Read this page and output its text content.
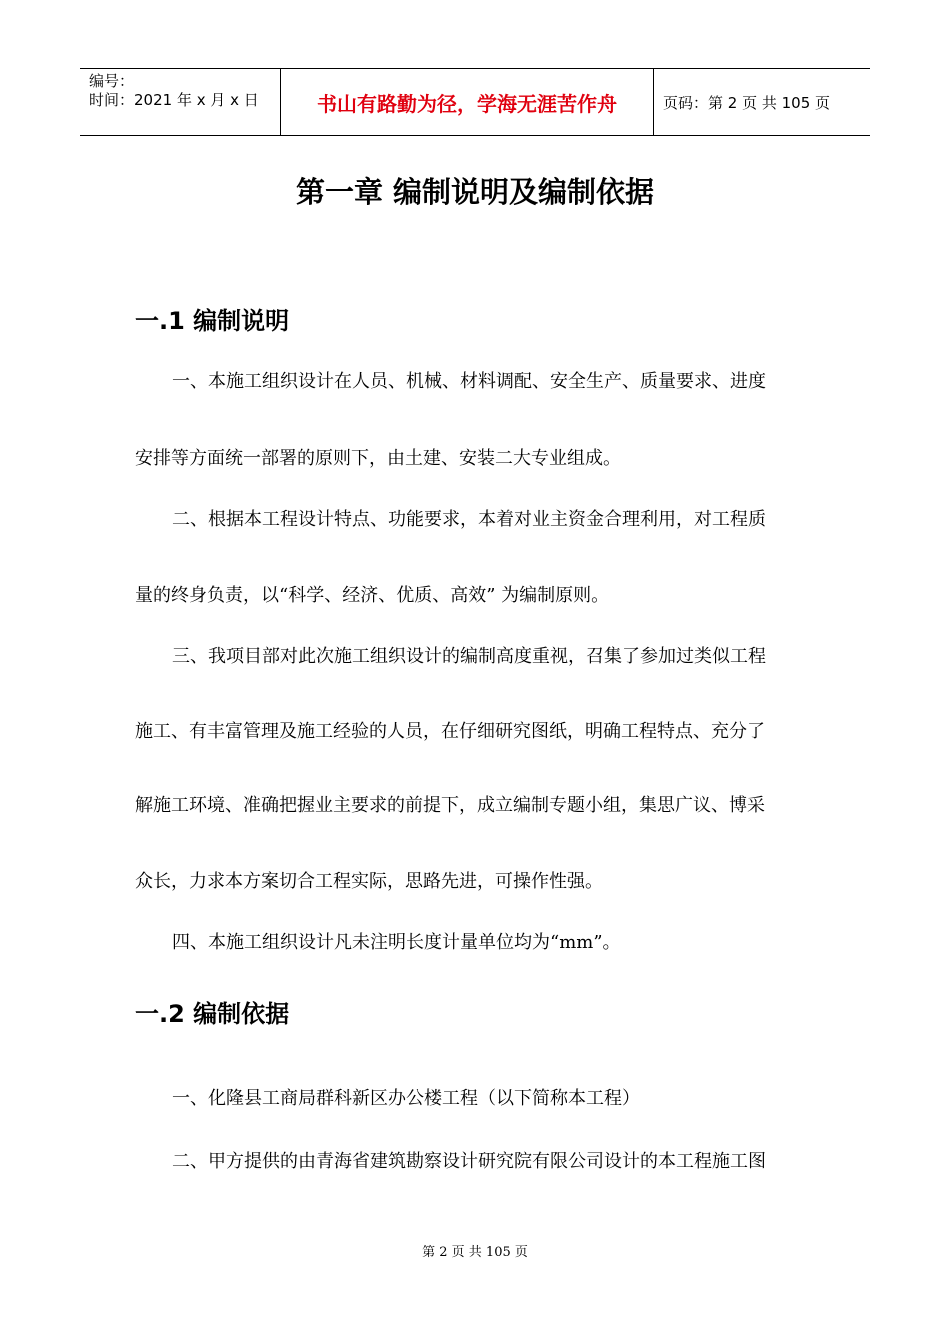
编号：
时间：2021 年 x 月 x 日	书山有路勤为径，学海无涯苦作舟	页码：第 2 页 共 105 页
第一章 编制说明及编制依据
一.1 编制说明
一、本施工组织设计在人员、机械、材料调配、安全生产、质量要求、进度
安排等方面统一部署的原则下，由土建、安装二大专业组成。
二、根据本工程设计特点、功能要求，本着对业主资金合理利用，对工程质
量的终身负责，以“科学、经济、优质、高效” 为编制原则。
三、我项目部对此次施工组织设计的编制高度重视，召集了参加过类似工程
施工、有丰富管理及施工经验的人员，在仔细研究图纸，明确工程特点、充分了
解施工环境、准确把握业主要求的前提下，成立编制专题小组，集思广议、博采
众长，力求本方案切合工程实际，思路先进，可操作性强。
四、本施工组织设计凡未注明长度计量单位均为“mm”。
一.2 编制依据
一、化隆县工商局群科新区办公楼工程（以下简称本工程）
二、甲方提供的由青海省建筑勘察设计研究院有限公司设计的本工程施工图
第 2 页 共 105 页
